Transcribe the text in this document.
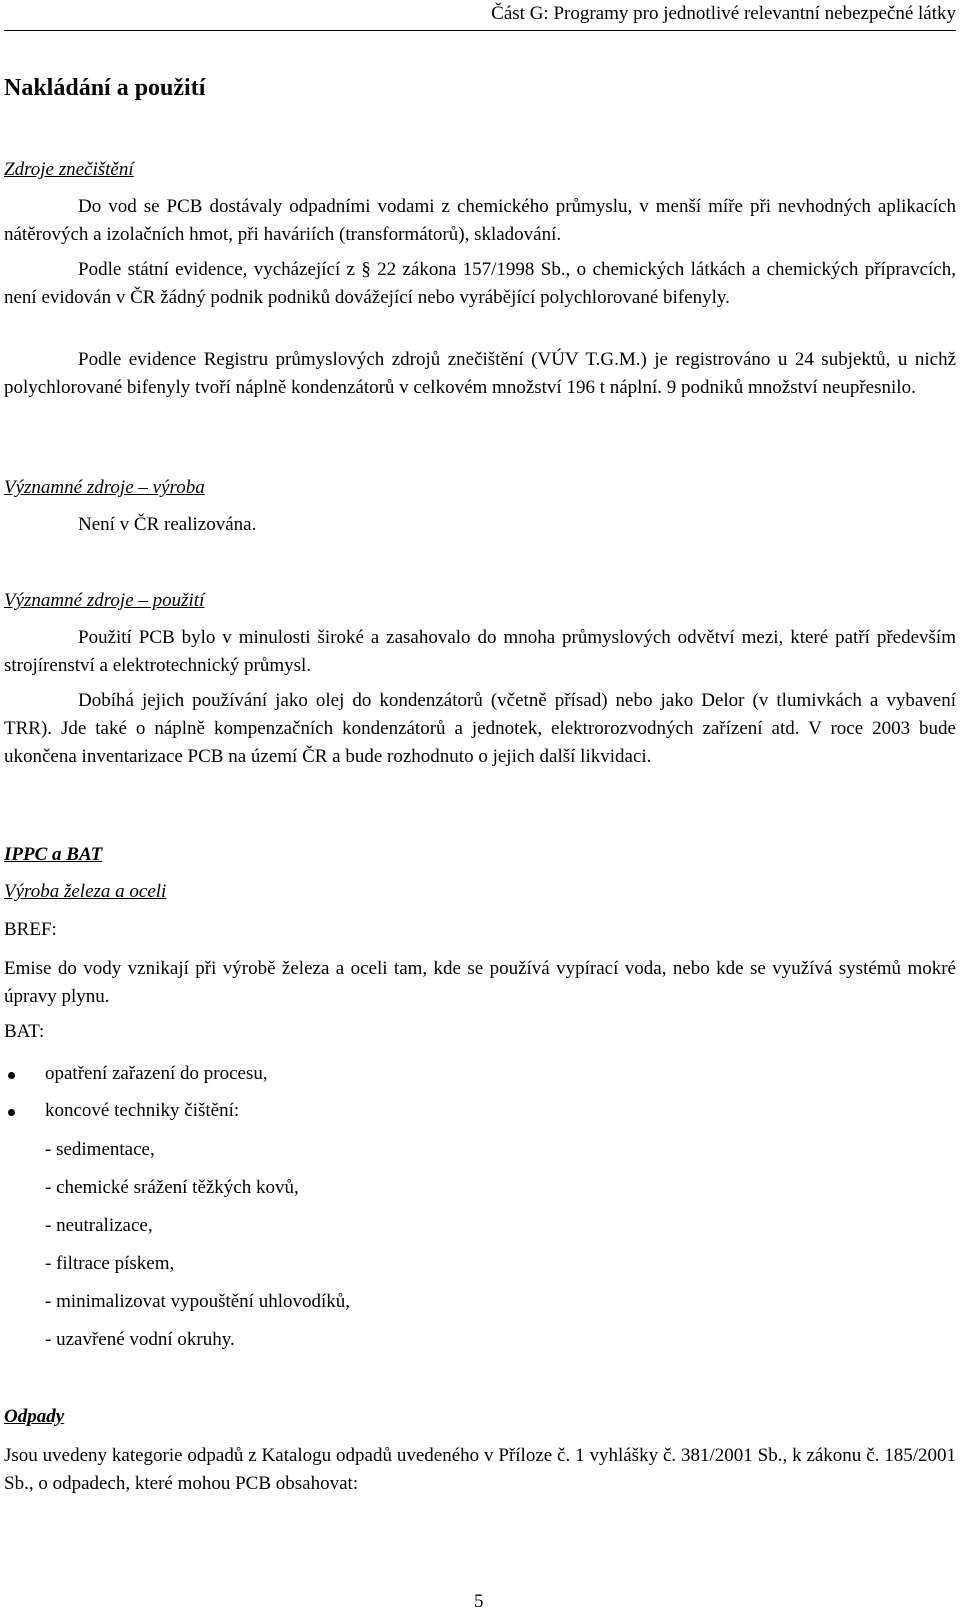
Část G: Programy pro jednotlivé relevantní nebezpečné látky
Nakládání a použití
Zdroje znečištění
Do vod se PCB dostávaly odpadními vodami z chemického průmyslu, v menší míře při nevhodných aplikacích nátěrových a izolačních hmot, při haváriích (transformátorů), skladování.
Podle státní evidence, vycházející z § 22 zákona 157/1998 Sb., o chemických látkách a chemických přípravcích, není evidován v ČR žádný podnik podniků dovážející nebo vyrábějící polychlorované bifenyly.
Podle evidence Registru průmyslových zdrojů znečištění (VÚV T.G.M.) je registrováno u 24 subjektů, u nichž polychlorované bifenyly tvoří náplně kondenzátorů v celkovém množství 196 t náplní. 9 podniků množství neupřesnilo.
Významné zdroje – výroba
Není v ČR realizována.
Významné zdroje – použití
Použití PCB bylo v minulosti široké a zasahovalo do mnoha průmyslových odvětví mezi, které patří především strojírenství a elektrotechnický průmysl.
Dobíhá jejich používání jako olej do kondenzátorů (včetně přísad) nebo jako Delor (v tlumivkách a vybavení TRR). Jde také o náplně kompenzačních kondenzátorů a jednotek, elektrorozvodných zařízení atd. V roce 2003 bude ukončena inventarizace PCB na území ČR a bude rozhodnuto o jejich další likvidaci.
IPPC a BAT
Výroba železa a oceli
BREF:
Emise do vody vznikají při výrobě železa a oceli tam, kde se používá vypírací voda, nebo kde se využívá systémů mokré úpravy plynu.
BAT:
opatření zařazení do procesu,
koncové techniky čištění:
- sedimentace,
- chemické srážení těžkých kovů,
- neutralizace,
- filtrace pískem,
- minimalizovat vypouštění uhlovodíků,
- uzavřené vodní okruhy.
Odpady
Jsou uvedeny kategorie odpadů z Katalogu odpadů uvedeného v Příloze č. 1 vyhlášky č. 381/2001 Sb., k zákonu č. 185/2001 Sb., o odpadech, které mohou PCB obsahovat:
5
